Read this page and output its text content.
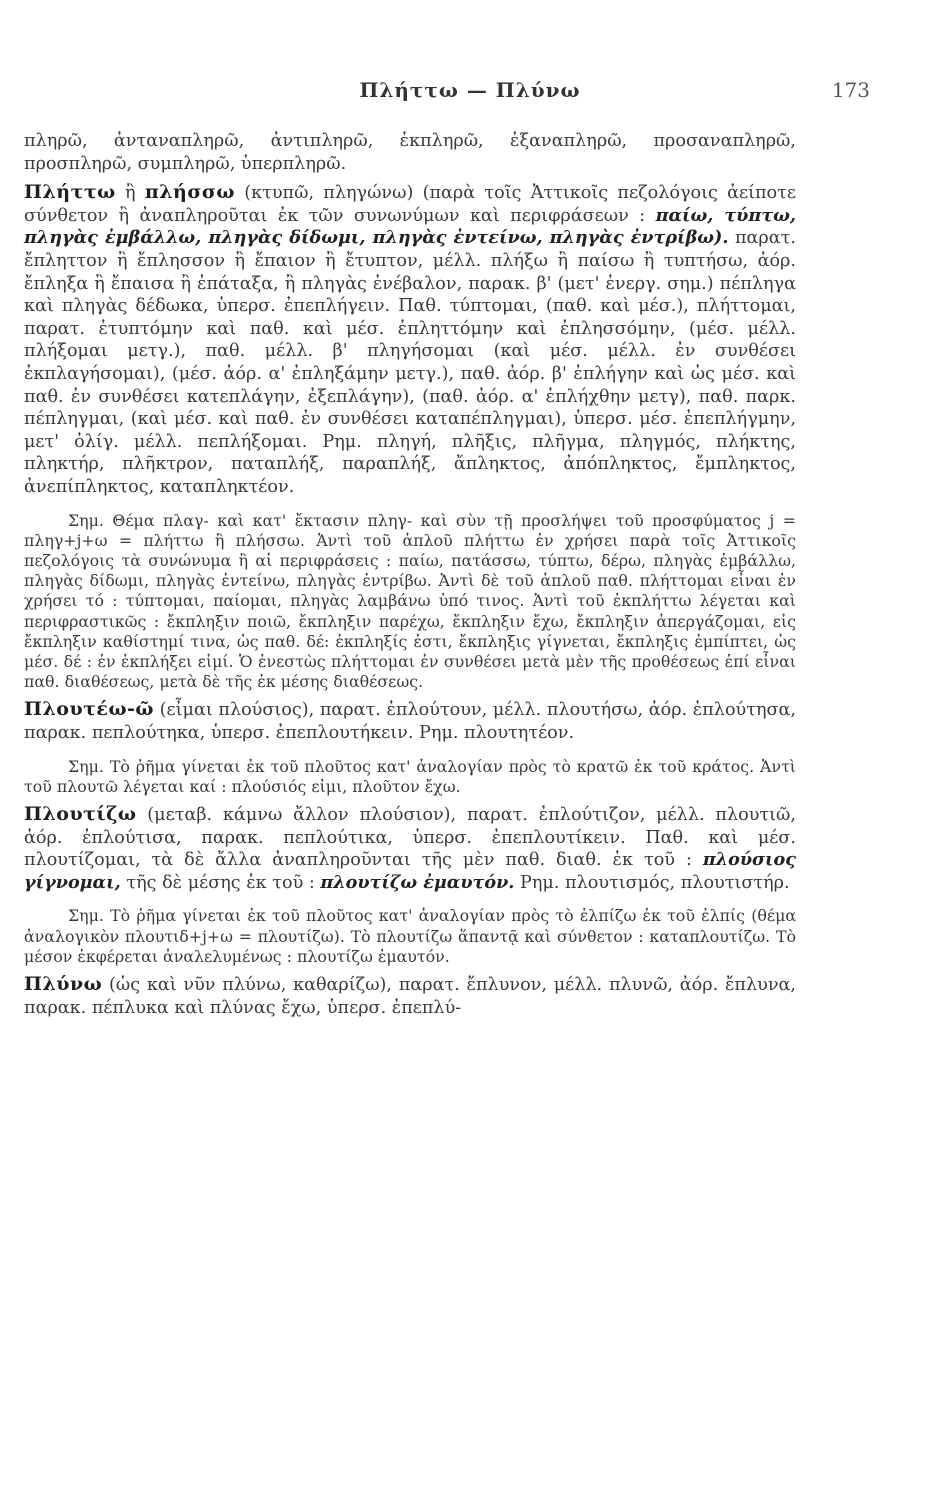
Πλήττω — Πλύνω	173

πληρῶ, ἀνταναπληρῶ, ἀντιπληρῶ, ἐκπληρῶ, ἐξαναπληρῶ, προσαναπληρῶ, προσπληρῶ, συμπληρῶ, ὑπερπληρῶ.

Πλήττω ἢ πλήσσω (κτυπῶ, πληγώνω) (παρὰ τοῖς Ἀττικοῖς πεζολόγοις ἀείποτε σύνθετον ἢ ἀναπληροῦται ἐκ τῶν συνωνύμων καὶ περιφράσεων : παίω, τύπτω, πληγὰς ἐμβάλλω, πληγὰς δίδωμι, πληγὰς ἐντείνω, πληγὰς ἐντρίβω). παρατ. ἔπληττον ἢ ἔπλησσον ἢ ἔπαιον ἢ ἔτυπτον, μέλλ. πλήξω ἢ παίσω ἢ τυπτήσω, ἀόρ. ἔπληξα ἢ ἔπαισα ἢ ἐπάταξα, ἢ πληγὰς ἐνέβαλον, παρακ. β' (μετ' ἐνεργ. σημ.) πέπληγα καὶ πληγὰς δέδωκα, ὑπερσ. ἐπεπλήγειν. Παθ. τύπτομαι, (παθ. καὶ μέσ.), πλήττομαι, παρατ. ἐτυπτόμην καὶ παθ. καὶ μέσ. ἐπληττόμην καὶ ἐπλησσόμην, (μέσ. μέλλ. πλήξομαι μετγ.), παθ. μέλλ. β' πληγήσομαι (καὶ μέσ. μέλλ. ἐν συνθέσει ἐκπλαγήσομαι), (μέσ. ἀόρ. α' ἐπληξάμην μετγ.), παθ. ἀόρ. β' ἐπλήγην καὶ ὡς μέσ. καὶ παθ. ἐν συνθέσει κατεπλάγην, ἐξεπλάγην), (παθ. ἀόρ. α' ἐπλήχθην μετγ), παθ. παρκ. πέπληγμαι, (καὶ μέσ. καὶ παθ. ἐν συνθέσει καταπέπληγμαι), ὑπερσ. μέσ. ἐπεπλήγμην, μετ' ὀλίγ. μέλλ. πεπλήξομαι. Ρημ. πληγή, πλῆξις, πλῆγμα, πληγμός, πλήκτης, πληκτήρ, πλῆκτρον, παταπλήξ, παραπλήξ, ἄπληκτος, ἀπόπληκτος, ἔμπληκτος, ἀνεπίπληκτος, καταπληκτέον.

Σημ. Θέμα πλαγ- καὶ κατ' ἔκτασιν πληγ- καὶ σὺν τῇ προσλήψει τοῦ προσφύματος j = πληγ+j+ω = πλήττω ἢ πλήσσω. Ἀντὶ τοῦ ἁπλοῦ πλήττω ἐν χρήσει παρὰ τοῖς Ἀττικοῖς πεζολόγοις τὰ συνώνυμα ἢ αἱ περιφράσεις : παίω, πατάσσω, τύπτω, δέρω, πληγὰς ἐμβάλλω, πληγὰς δίδωμι, πληγὰς ἐντείνω, πληγὰς ἐντρίβω. Ἀντὶ δὲ τοῦ ἁπλοῦ παθ. πλήττομαι εἶναι ἐν χρήσει τό : τύπτομαι, παίομαι, πληγὰς λαμβάνω ὑπό τινος. Ἀντὶ τοῦ ἐκπλήττω λέγεται καὶ περιφραστικῶς : ἔκπληξιν ποιῶ, ἔκπληξιν παρέχω, ἔκπληξιν ἔχω, ἔκπληξιν ἀπεργάζομαι, εἰς ἔκπληξιν καθίστημί τινα, ὡς παθ. δέ: ἐκπληξίς ἐστι, ἔκπληξις γίγνεται, ἔκπληξις ἐμπίπτει, ὡς μέσ. δέ : ἐν ἐκπλήξει εἰμί. Ὁ ἐνεστὼς πλήττομαι ἐν συνθέσει μετὰ μὲν τῆς προθέσεως ἐπί εἶναι παθ. διαθέσεως, μετὰ δὲ τῆς ἐκ μέσης διαθέσεως.

Πλουτέω-ῶ (εἶμαι πλούσιος), παρατ. ἐπλούτουν, μέλλ. πλουτήσω, ἀόρ. ἐπλούτησα, παρακ. πεπλούτηκα, ὑπερσ. ἐπεπλουτήκειν. Ρημ. πλουτητέον.

Σημ. Τὸ ῥῆμα γίνεται ἐκ τοῦ πλοῦτος κατ' ἀναλογίαν πρὸς τὸ κρατῶ ἐκ τοῦ κράτος. Ἀντὶ τοῦ πλουτῶ λέγεται καί : πλούσιός εἰμι, πλοῦτον ἔχω.

Πλουτίζω (μεταβ. κάμνω ἄλλον πλούσιον), παρατ. ἐπλούτιζον, μέλλ. πλουτιῶ, ἀόρ. ἐπλούτισα, παρακ. πεπλούτικα, ὑπερσ. ἐπεπλουτίκειν. Παθ. καὶ μέσ. πλουτίζομαι, τὰ δὲ ἄλλα ἀναπληροῦνται τῆς μὲν παθ. διαθ. ἐκ τοῦ : πλούσιος γίγνομαι, τῆς δὲ μέσης ἐκ τοῦ : πλουτίζω ἐμαυτόν. Ρημ. πλουτισμός, πλουτιστήρ.

Σημ. Τὸ ῥῆμα γίνεται ἐκ τοῦ πλοῦτος κατ' ἀναλογίαν πρὸς τὸ ἐλπίζω ἐκ τοῦ ἐλπίς (θέμα ἀναλογικὸν πλουτιδ+j+ω = πλουτίζω). Τὸ πλουτίζω ἅπαντᾷ καὶ σύνθετον : καταπλουτίζω. Τὸ μέσον ἐκφέρεται ἀναλελυμένως : πλουτίζω ἐμαυτόν.

Πλύνω (ὡς καὶ νῦν πλύνω, καθαρίζω), παρατ. ἔπλυνον, μέλλ. πλυνῶ, ἀόρ. ἔπλυνα, παρακ. πέπλυκα καὶ πλύνας ἔχω, ὑπερσ. ἐπεπλύ-
